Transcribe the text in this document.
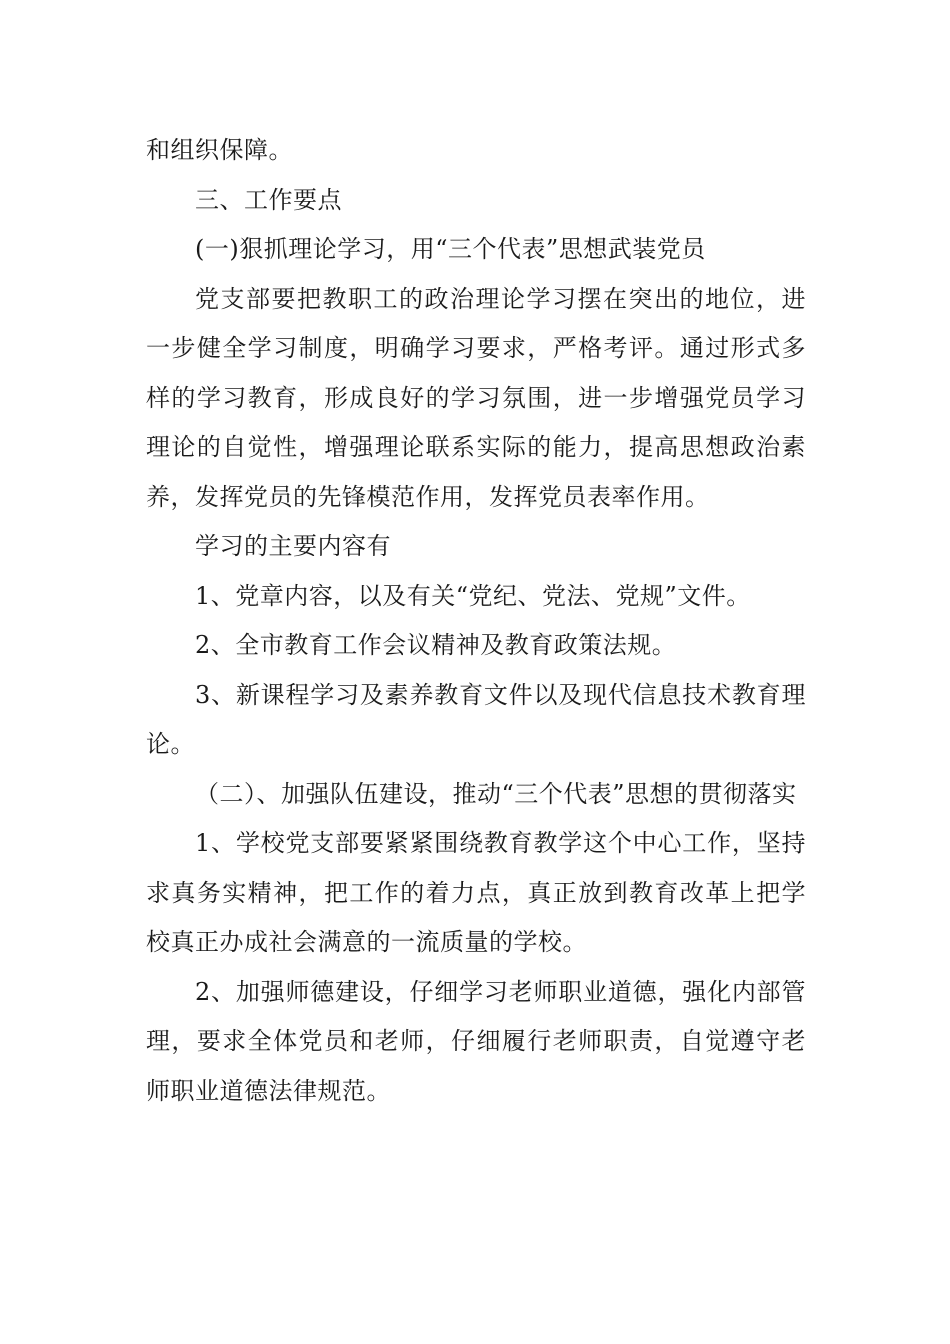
和组织保障。

三、工作要点

(一)狠抓理论学习，用“三个代表”思想武装党员

党支部要把教职工的政治理论学习摆在突出的地位，进一步健全学习制度，明确学习要求，严格考评。通过形式多样的学习教育，形成良好的学习氛围，进一步增强党员学习理论的自觉性，增强理论联系实际的能力，提高思想政治素养，发挥党员的先锋模范作用，发挥党员表率作用。

学习的主要内容有

1、党章内容，以及有关“党纪、党法、党规”文件。

2、全市教育工作会议精神及教育政策法规。

3、新课程学习及素养教育文件以及现代信息技术教育理论。

（二）、加强队伍建设，推动“三个代表”思想的贯彻落实

1、学校党支部要紧紧围绕教育教学这个中心工作，坚持求真务实精神，把工作的着力点，真正放到教育改革上把学校真正办成社会满意的一流质量的学校。

2、加强师德建设，仔细学习老师职业道德，强化内部管理，要求全体党员和老师，仔细履行老师职责，自觉遵守老师职业道德法律规范。
